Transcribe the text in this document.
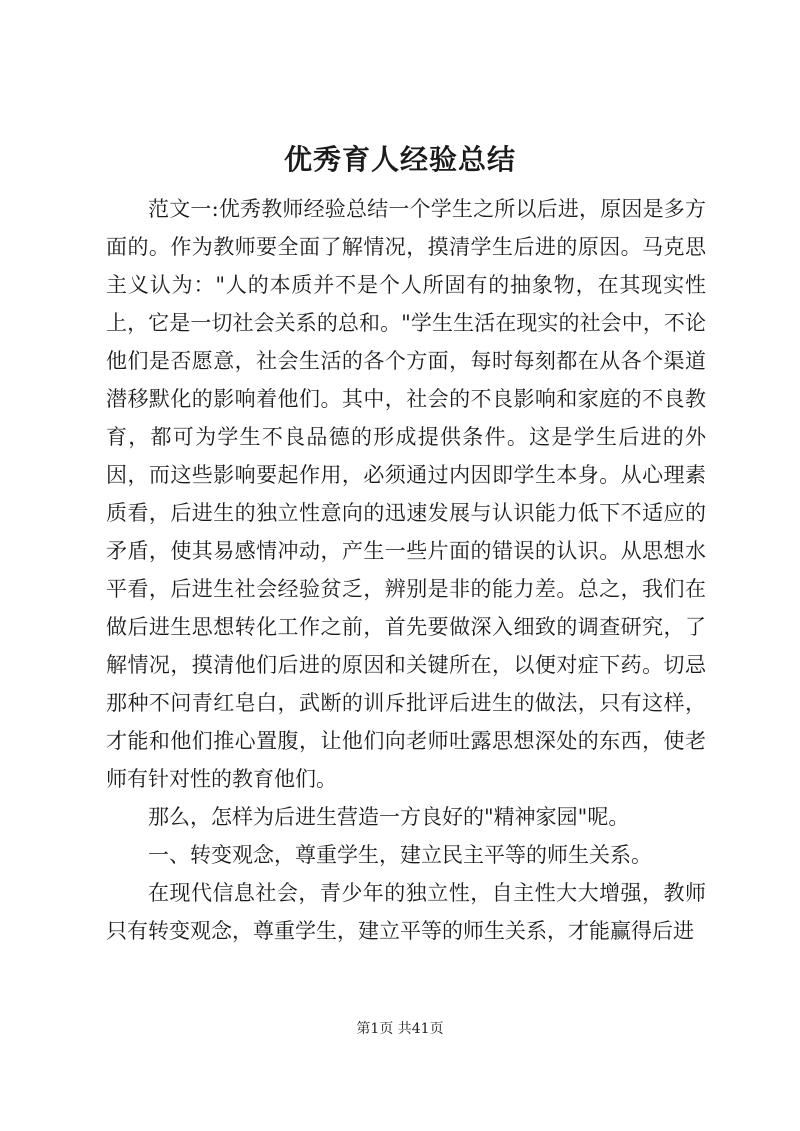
优秀育人经验总结

范文一:优秀教师经验总结一个学生之所以后进，原因是多方面的。作为教师要全面了解情况，摸清学生后进的原因。马克思主义认为："人的本质并不是个人所固有的抽象物，在其现实性上，它是一切社会关系的总和。"学生生活在现实的社会中，不论他们是否愿意，社会生活的各个方面，每时每刻都在从各个渠道潜移默化的影响着他们。其中，社会的不良影响和家庭的不良教育，都可为学生不良品德的形成提供条件。这是学生后进的外因，而这些影响要起作用，必须通过内因即学生本身。从心理素质看，后进生的独立性意向的迅速发展与认识能力低下不适应的矛盾，使其易感情冲动，产生一些片面的错误的认识。从思想水平看，后进生社会经验贫乏，辨别是非的能力差。总之，我们在做后进生思想转化工作之前，首先要做深入细致的调查研究，了解情况，摸清他们后进的原因和关键所在，以便对症下药。切忌那种不问青红皂白，武断的训斥批评后进生的做法，只有这样，才能和他们推心置腹，让他们向老师吐露思想深处的东西，使老师有针对性的教育他们。

那么，怎样为后进生营造一方良好的"精神家园"呢。

一、转变观念，尊重学生，建立民主平等的师生关系。

在现代信息社会，青少年的独立性，自主性大大增强，教师只有转变观念，尊重学生，建立平等的师生关系，才能赢得后进

第1页 共41页
